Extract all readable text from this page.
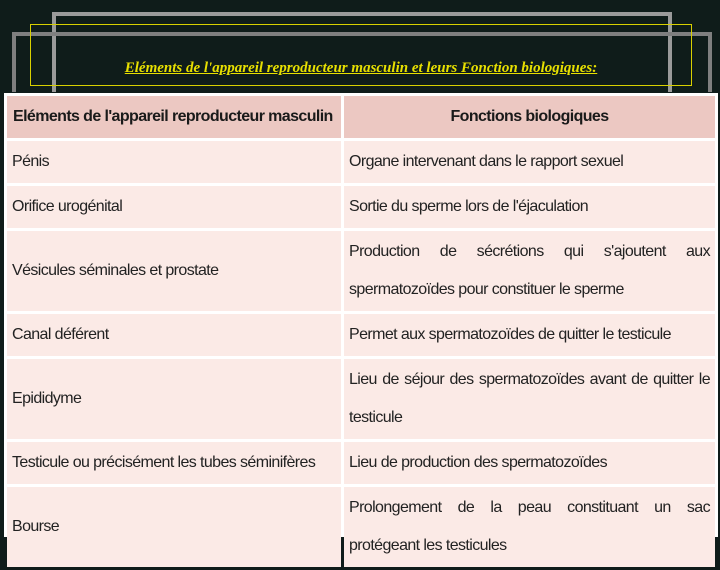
Eléments de l'appareil reproducteur masculin et leurs Fonction biologiques:
Eléments de l'appareil reproducteur masculin	Fonctions biologiques
Pénis	Organe intervenant dans le rapport sexuel
Orifice urogénital	Sortie du sperme lors de l'éjaculation
Vésicules séminales et prostate	Production de sécrétions qui s'ajoutent aux spermatozoïdes pour constituer le sperme
Canal déférent	Permet aux spermatozoïdes de quitter le testicule
Epididyme	Lieu de séjour des spermatozoïdes avant de quitter le testicule
Testicule ou précisément les tubes séminifères	Lieu de production des spermatozoïdes
Bourse	Prolongement de la peau constituant un sac protégeant les testicules
